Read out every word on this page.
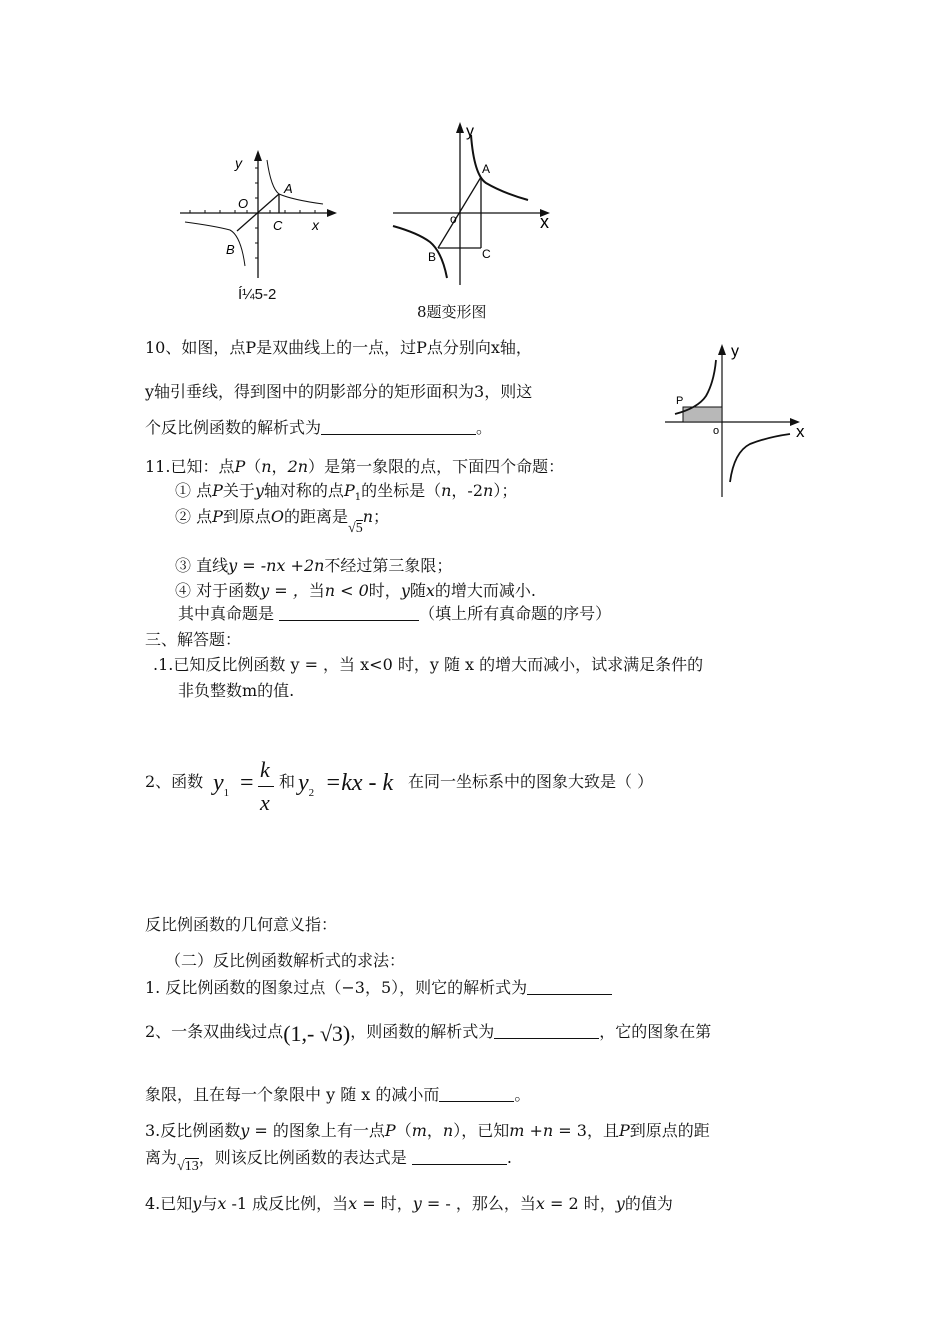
y
O
A
C x
B
Í¼5-2
y
A
o	x
B	C
8题变形图
10、如图，点P是双曲线上的一点，过P点分别向x轴，
y轴引垂线，得到图中的阴影部分的矩形面积为3，则这
个反比例函数的解析式为	。
y
P
o	x
11.已知：点P（n，2n）是第一象限的点，下面四个命题：
① 点P关于y轴对称的点$P_1$的坐标是（n，-2n）；
② 点P到原点O的距离是√5n；
③ 直线y = -nx +2n不经过第三象限；
④ 对于函数y = ，当n < 0时，y随x的增大而减小.
其中真命题是	（填上所有真命题的序号）
三、解答题：
.1.已知反比例函数 y = ，当 x<0 时，y 随 x 的增大而减小，试求满足条件的
非负整数m的值.
2、函数 $y_1$ =
k
x
和 $y_2 =kx - k$ 在同一坐标系中的图象大致是（ ）
反比例函数的几何意义指：
（二）反比例函数解析式的求法：
1. 反比例函数的图象过点（−3，5），则它的解析式为
2、一条双曲线过点(1,- √3)，则函数的解析式为	，它的图象在第
象限，且在每一个象限中 y 随 x 的减小而	。
3.反比例函数y = 的图象上有一点P（m，n），已知m +n = 3，且P到原点的距
离为√13，则该反比例函数的表达式是	.
4.已知y与x -1 成反比例，当x = 时，y = - ，那么，当x = 2 时，y的值为
